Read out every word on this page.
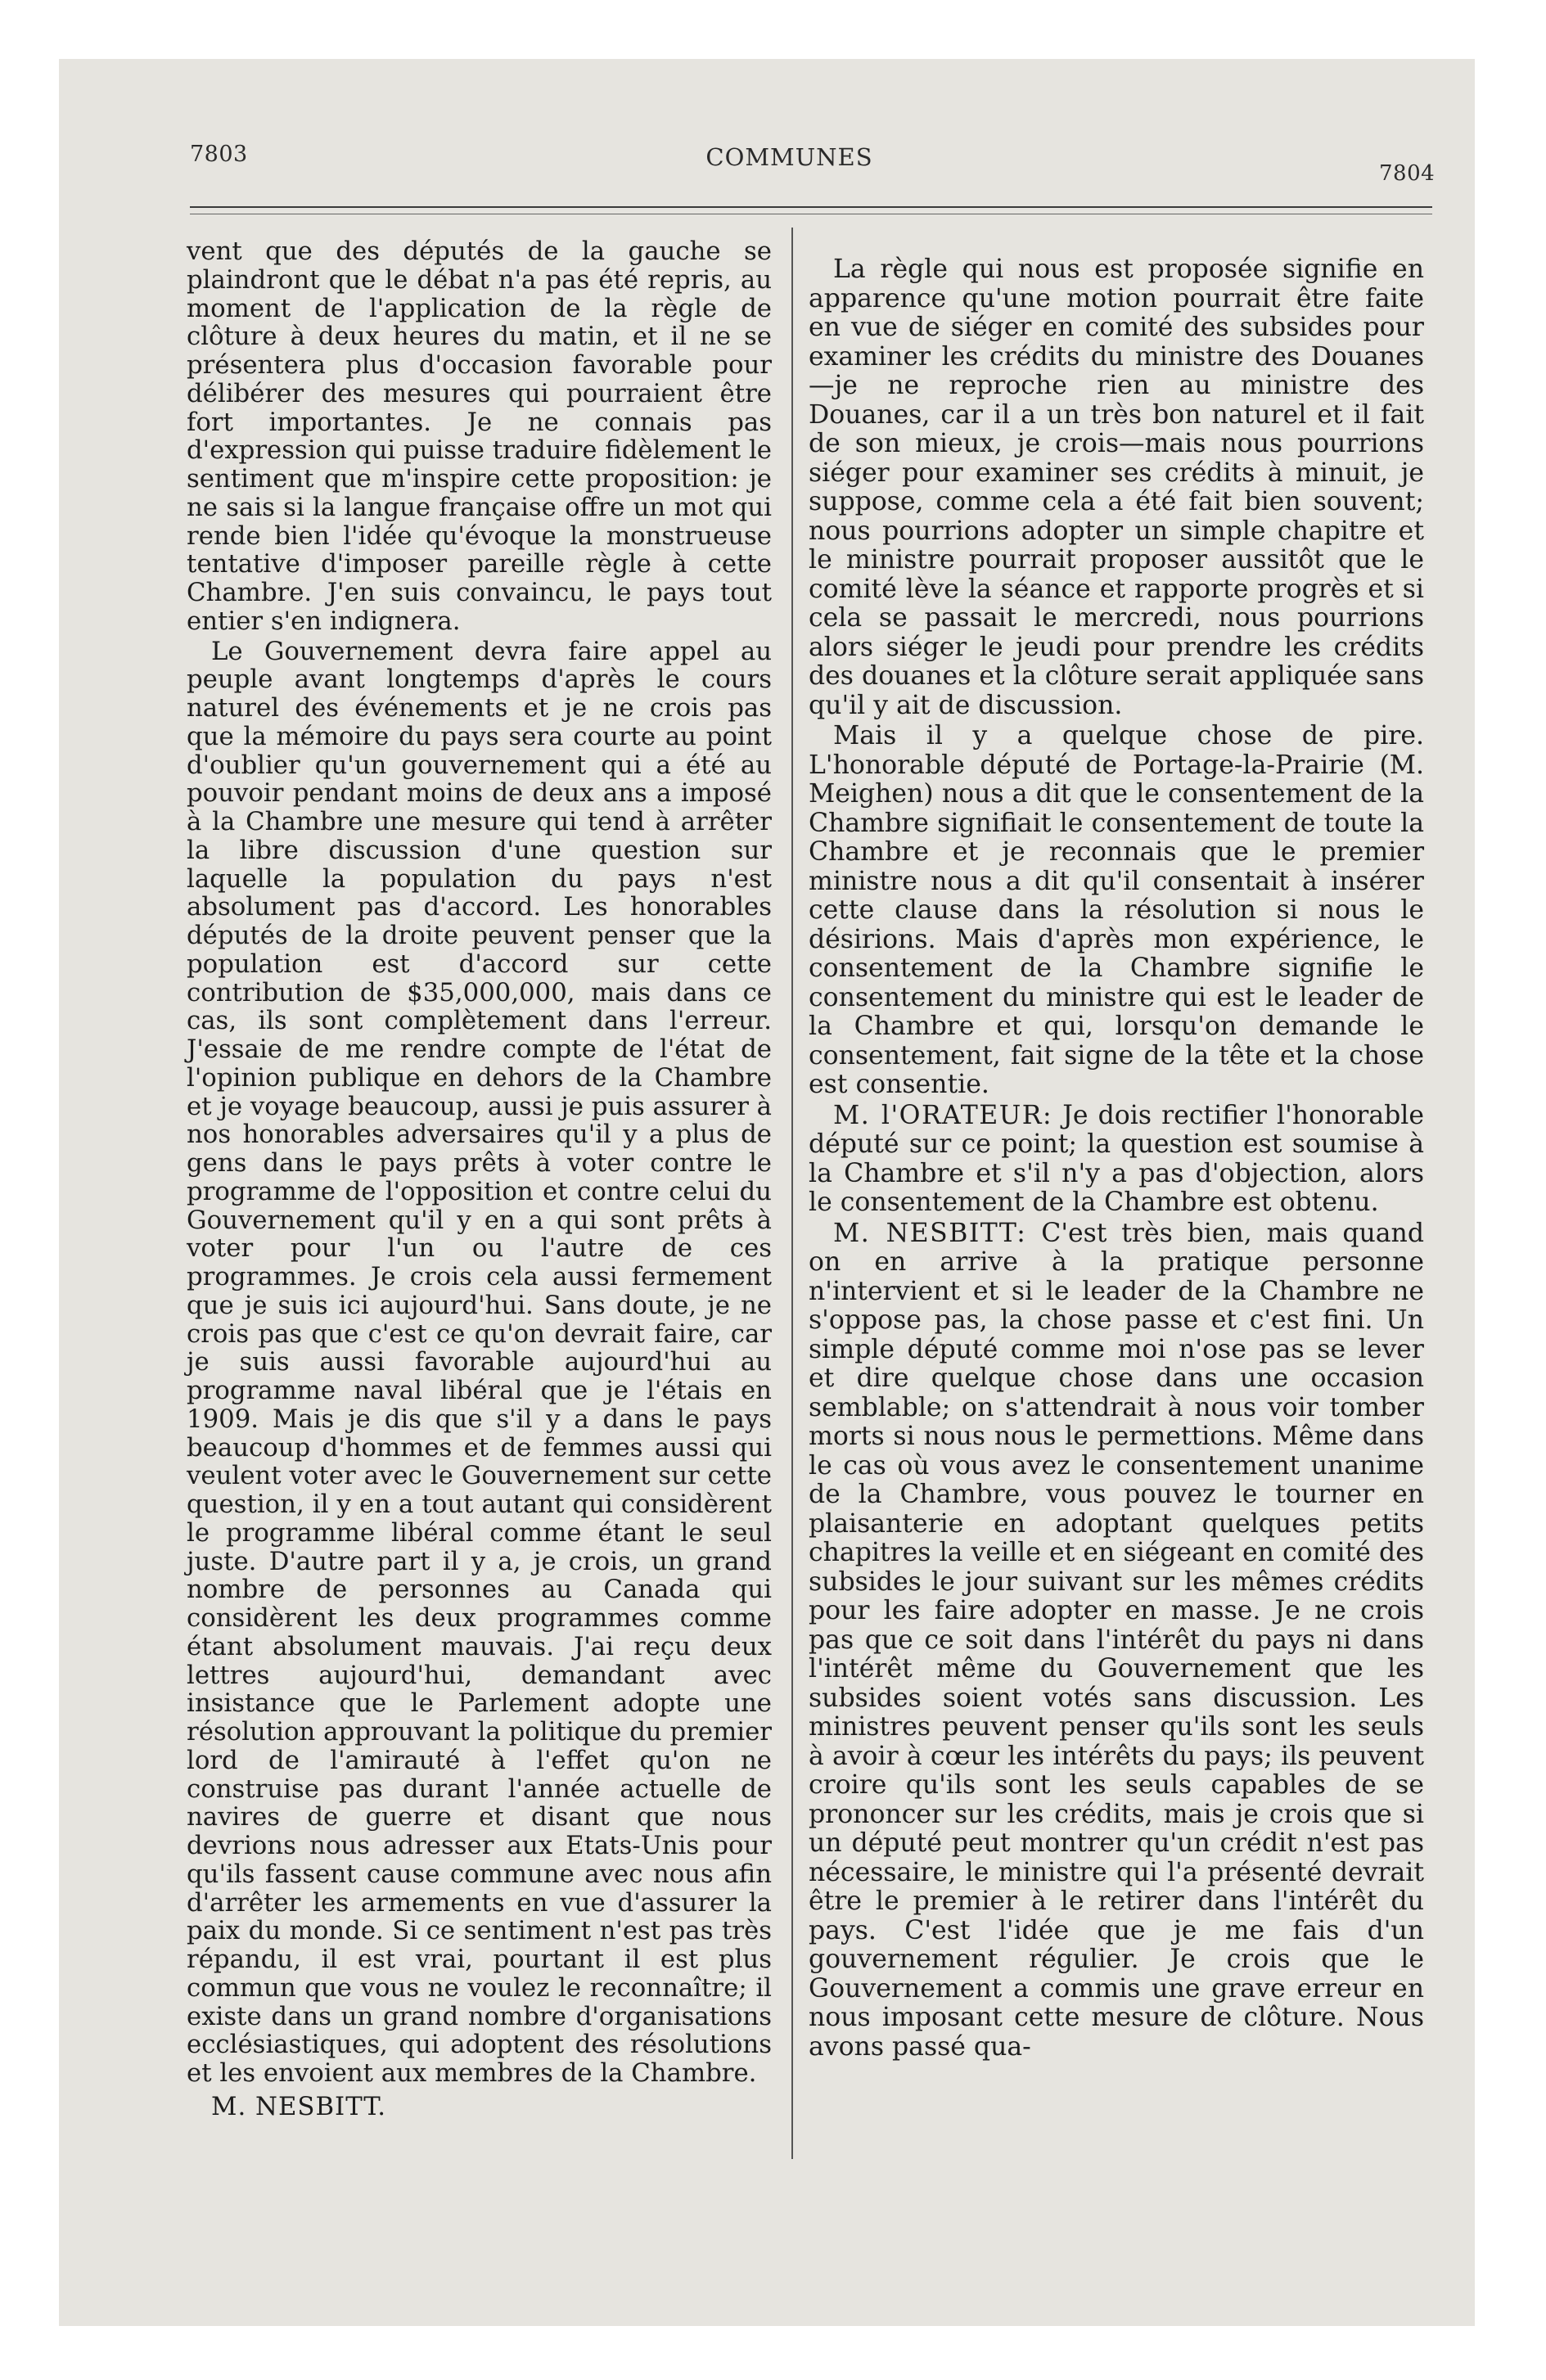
7803	COMMUNES
7804

vent que des députés de la gauche se plaindront que le débat n'a pas été repris, au moment de l'application de la règle de clôture à deux heures du matin, et il ne se présentera plus d'occasion favorable pour délibérer des mesures qui pourraient être fort importantes. Je ne connais pas d'expression qui puisse traduire fidèlement le sentiment que m'inspire cette proposition: je ne sais si la langue française offre un mot qui rende bien l'idée qu'évoque la monstrueuse tentative d'imposer pareille règle à cette Chambre. J'en suis convaincu, le pays tout entier s'en indignera.

Le Gouvernement devra faire appel au peuple avant longtemps d'après le cours naturel des événements et je ne crois pas que la mémoire du pays sera courte au point d'oublier qu'un gouvernement qui a été au pouvoir pendant moins de deux ans a imposé à la Chambre une mesure qui tend à arrêter la libre discussion d'une question sur laquelle la population du pays n'est absolument pas d'accord. Les honorables députés de la droite peuvent penser que la population est d'accord sur cette contribution de $35,000,000, mais dans ce cas, ils sont complètement dans l'erreur. J'essaie de me rendre compte de l'état de l'opinion publique en dehors de la Chambre et je voyage beaucoup, aussi je puis assurer à nos honorables adversaires qu'il y a plus de gens dans le pays prêts à voter contre le programme de l'opposition et contre celui du Gouvernement qu'il y en a qui sont prêts à voter pour l'un ou l'autre de ces programmes. Je crois cela aussi fermement que je suis ici aujourd'hui. Sans doute, je ne crois pas que c'est ce qu'on devrait faire, car je suis aussi favorable aujourd'hui au programme naval libéral que je l'étais en 1909. Mais je dis que s'il y a dans le pays beaucoup d'hommes et de femmes aussi qui veulent voter avec le Gouvernement sur cette question, il y en a tout autant qui considèrent le programme libéral comme étant le seul juste. D'autre part il y a, je crois, un grand nombre de personnes au Canada qui considèrent les deux programmes comme étant absolument mauvais. J'ai reçu deux lettres aujourd'hui, demandant avec insistance que le Parlement adopte une résolution approuvant la politique du premier lord de l'amirauté à l'effet qu'on ne construise pas durant l'année actuelle de navires de guerre et disant que nous devrions nous adresser aux Etats-Unis pour qu'ils fassent cause commune avec nous afin d'arrêter les armements en vue d'assurer la paix du monde. Si ce sentiment n'est pas très répandu, il est vrai, pourtant il est plus commun que vous ne voulez le reconnaître; il existe dans un grand nombre d'organisations ecclésiastiques, qui adoptent des résolutions et les envoient aux membres de la Chambre.

M. NESBITT.

La règle qui nous est proposée signifie en apparence qu'une motion pourrait être faite en vue de siéger en comité des subsides pour examiner les crédits du ministre des Douanes—je ne reproche rien au ministre des Douanes, car il a un très bon naturel et il fait de son mieux, je crois—mais nous pourrions siéger pour examiner ses crédits à minuit, je suppose, comme cela a été fait bien souvent; nous pourrions adopter un simple chapitre et le ministre pourrait proposer aussitôt que le comité lève la séance et rapporte progrès et si cela se passait le mercredi, nous pourrions alors siéger le jeudi pour prendre les crédits des douanes et la clôture serait appliquée sans qu'il y ait de discussion.

Mais il y a quelque chose de pire. L'honorable député de Portage-la-Prairie (M. Meighen) nous a dit que le consentement de la Chambre signifiait le consentement de toute la Chambre et je reconnais que le premier ministre nous a dit qu'il consentait à insérer cette clause dans la résolution si nous le désirions. Mais d'après mon expérience, le consentement de la Chambre signifie le consentement du ministre qui est le leader de la Chambre et qui, lorsqu'on demande le consentement, fait signe de la tête et la chose est consentie.

M. l'ORATEUR: Je dois rectifier l'honorable député sur ce point; la question est soumise à la Chambre et s'il n'y a pas d'objection, alors le consentement de la Chambre est obtenu.

M. NESBITT: C'est très bien, mais quand on en arrive à la pratique personne n'intervient et si le leader de la Chambre ne s'oppose pas, la chose passe et c'est fini. Un simple député comme moi n'ose pas se lever et dire quelque chose dans une occasion semblable; on s'attendrait à nous voir tomber morts si nous nous le permettions. Même dans le cas où vous avez le consentement unanime de la Chambre, vous pouvez le tourner en plaisanterie en adoptant quelques petits chapitres la veille et en siégeant en comité des subsides le jour suivant sur les mêmes crédits pour les faire adopter en masse. Je ne crois pas que ce soit dans l'intérêt du pays ni dans l'intérêt même du Gouvernement que les subsides soient votés sans discussion. Les ministres peuvent penser qu'ils sont les seuls à avoir à cœur les intérêts du pays; ils peuvent croire qu'ils sont les seuls capables de se prononcer sur les crédits, mais je crois que si un député peut montrer qu'un crédit n'est pas nécessaire, le ministre qui l'a présenté devrait être le premier à le retirer dans l'intérêt du pays. C'est l'idée que je me fais d'un gouvernement régulier. Je crois que le Gouvernement a commis une grave erreur en nous imposant cette mesure de clôture. Nous avons passé qua-
